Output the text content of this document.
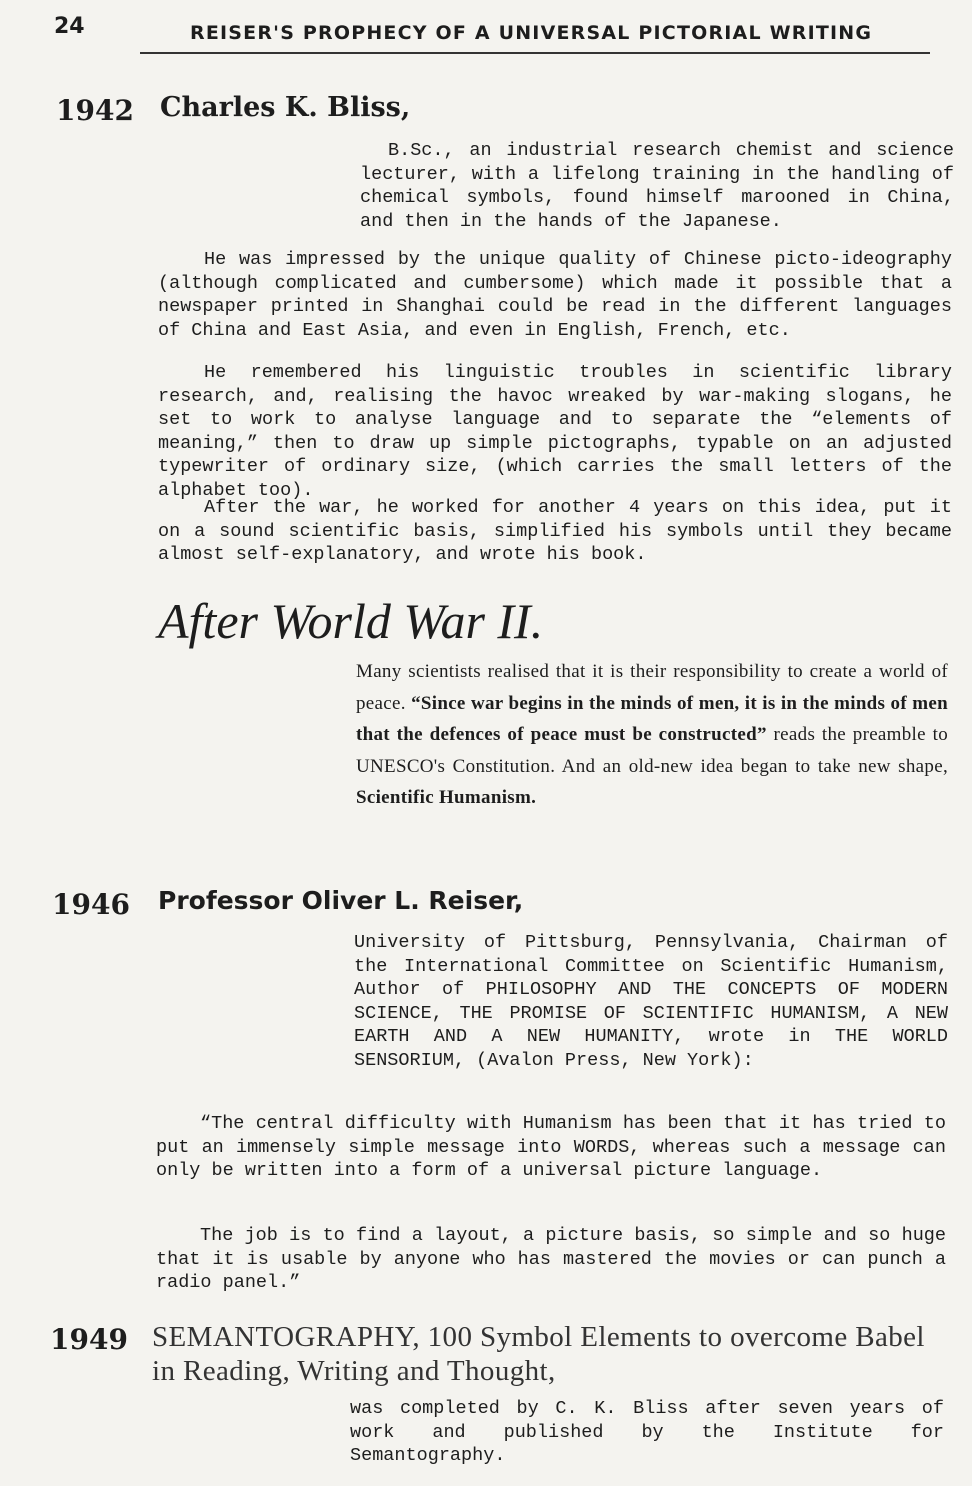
24	REISER'S PROPHECY OF A UNIVERSAL PICTORIAL WRITING
1942 Charles K. Bliss,

B.Sc., an industrial research chemist and science lecturer, with a lifelong training in the handling of chemical symbols, found himself marooned in China, and then in the hands of the Japanese.

He was impressed by the unique quality of Chinese picto-ideography (although complicated and cumbersome) which made it possible that a newspaper printed in Shanghai could be read in the different languages of China and East Asia, and even in English, French, etc.

He remembered his linguistic troubles in scientific library research, and, realising the havoc wreaked by war-making slogans, he set to work to analyse language and to separate the “elements of meaning,” then to draw up simple pictographs, typable on an adjusted typewriter of ordinary size, (which carries the small letters of the alphabet too).

After the war, he worked for another 4 years on this idea, put it on a sound scientific basis, simplified his symbols until they became almost self-explanatory, and wrote his book.

After World War II.

Many scientists realised that it is their responsibility to create a world of peace. “Since war begins in the minds of men, it is in the minds of men that the defences of peace must be constructed” reads the preamble to UNESCO's Constitution. And an old-new idea began to take new shape, Scientific Humanism.

1946 Professor Oliver L. Reiser,

University of Pittsburg, Pennsylvania, Chairman of the International Committee on Scientific Humanism, Author of PHILOSOPHY AND THE CONCEPTS OF MODERN SCIENCE, THE PROMISE OF SCIENTIFIC HUMANISM, A NEW EARTH AND A NEW HUMANITY, wrote in THE WORLD SENSORIUM, (Avalon Press, New York):

“The central difficulty with Humanism has been that it has tried to put an immensely simple message into WORDS, whereas such a message can only be written into a form of a universal picture language.

The job is to find a layout, a picture basis, so simple and so huge that it is usable by anyone who has mastered the movies or can punch a radio panel.”

1949 SEMANTOGRAPHY, 100 Symbol Elements to overcome Babel in Reading, Writing and Thought,

was completed by C. K. Bliss after seven years of work and published by the Institute for Semantography.
